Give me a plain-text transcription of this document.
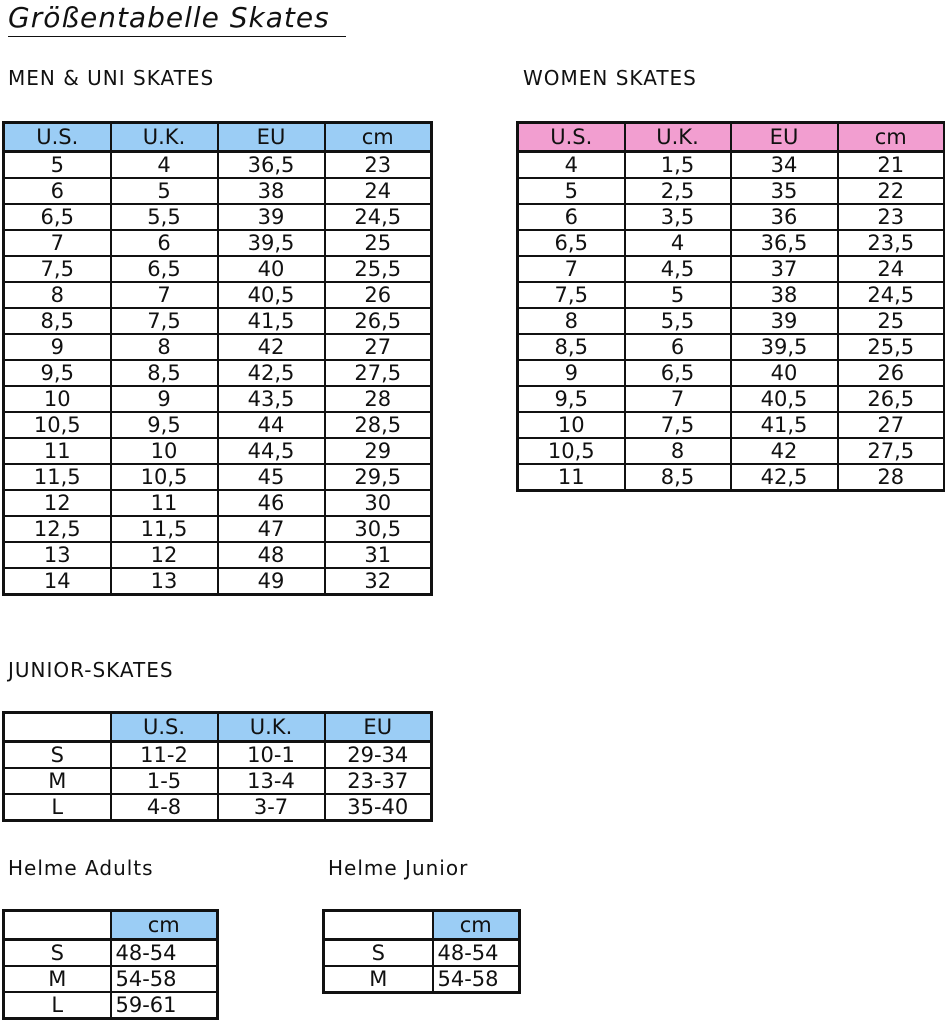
Größentabelle Skates
MEN & UNI SKATES	WOMEN SKATES
JUNIOR-SKATES
Helme Adults	Helme Junior
U.S.	U.K.	EU	cm
5	4	36,5	23
6	5	38	24
6,5	5,5	39	24,5
7	6	39,5	25
7,5	6,5	40	25,5
8	7	40,5	26
8,5	7,5	41,5	26,5
9	8	42	27
9,5	8,5	42,5	27,5
10	9	43,5	28
10,5	9,5	44	28,5
11	10	44,5	29
11,5	10,5	45	29,5
12	11	46	30
12,5	11,5	47	30,5
13	12	48	31
14	13	49	32
U.S.	U.K.	EU	cm
4	1,5	34	21
5	2,5	35	22
6	3,5	36	23
6,5	4	36,5	23,5
7	4,5	37	24
7,5	5	38	24,5
8	5,5	39	25
8,5	6	39,5	25,5
9	6,5	40	26
9,5	7	40,5	26,5
10	7,5	41,5	27
10,5	8	42	27,5
11	8,5	42,5	28
	U.S.	U.K.	EU
S	11-2	10-1	29-34
M	1-5	13-4	23-37
L	4-8	3-7	35-40
	cm
S	48-54
M	54-58
L	59-61
	cm
S	48-54
M	54-58
